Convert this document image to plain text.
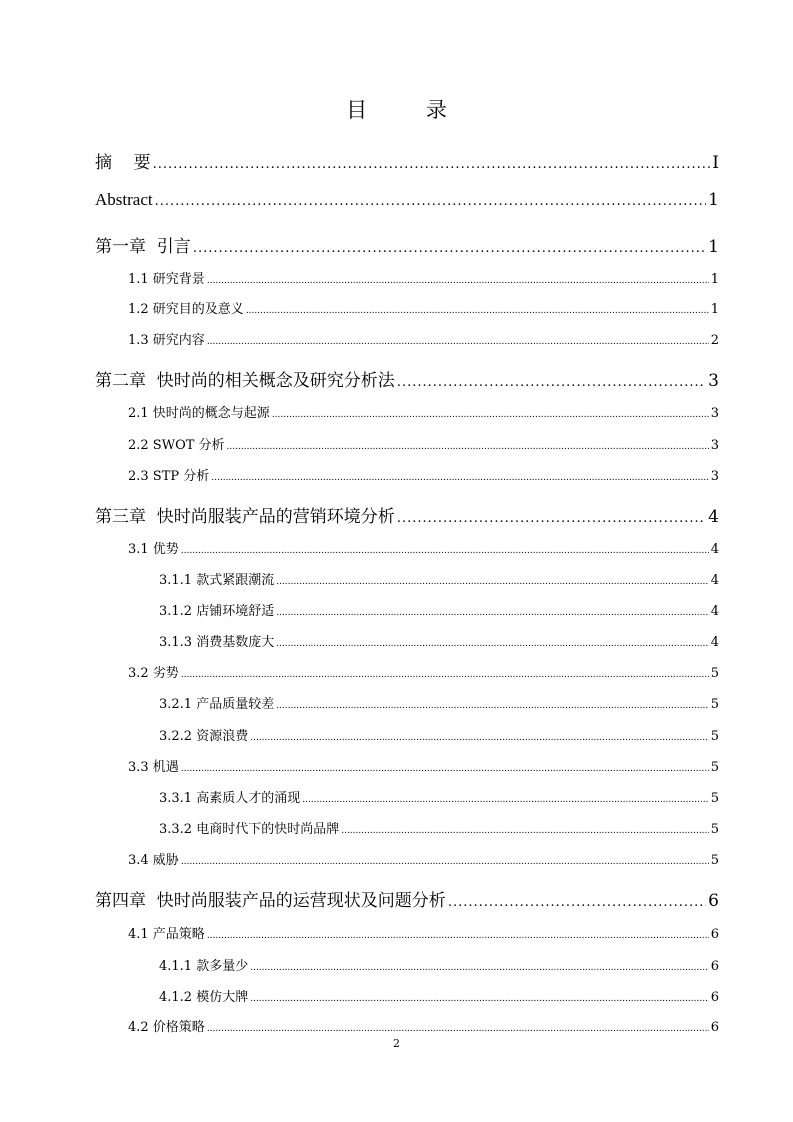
目 录
摘    要 .....	I
Abstract .....	1
第一章  引言 .....	1
1.1 研究背景 .....	1
1.2 研究目的及意义 .....	1
1.3 研究内容 .....	2
第二章  快时尚的相关概念及研究分析法 .....	3
2.1 快时尚的概念与起源 .....	3
2.2 SWOT 分析 .....	3
2.3 STP 分析 .....	3
第三章  快时尚服装产品的营销环境分析 .....	4
3.1 优势 .....	4
3.1.1 款式紧跟潮流 .....	4
3.1.2 店铺环境舒适 .....	4
3.1.3 消费基数庞大 .....	4
3.2 劣势 .....	5
3.2.1 产品质量较差 .....	5
3.2.2 资源浪费 .....	5
3.3 机遇 .....	5
3.3.1 高素质人才的涌现 .....	5
3.3.2 电商时代下的快时尚品牌 .....	5
3.4 威胁 .....	5
第四章  快时尚服装产品的运营现状及问题分析 .....	6
4.1 产品策略 .....	6
4.1.1 款多量少 .....	6
4.1.2 模仿大牌 .....	6
4.2 价格策略 .....	6
2
